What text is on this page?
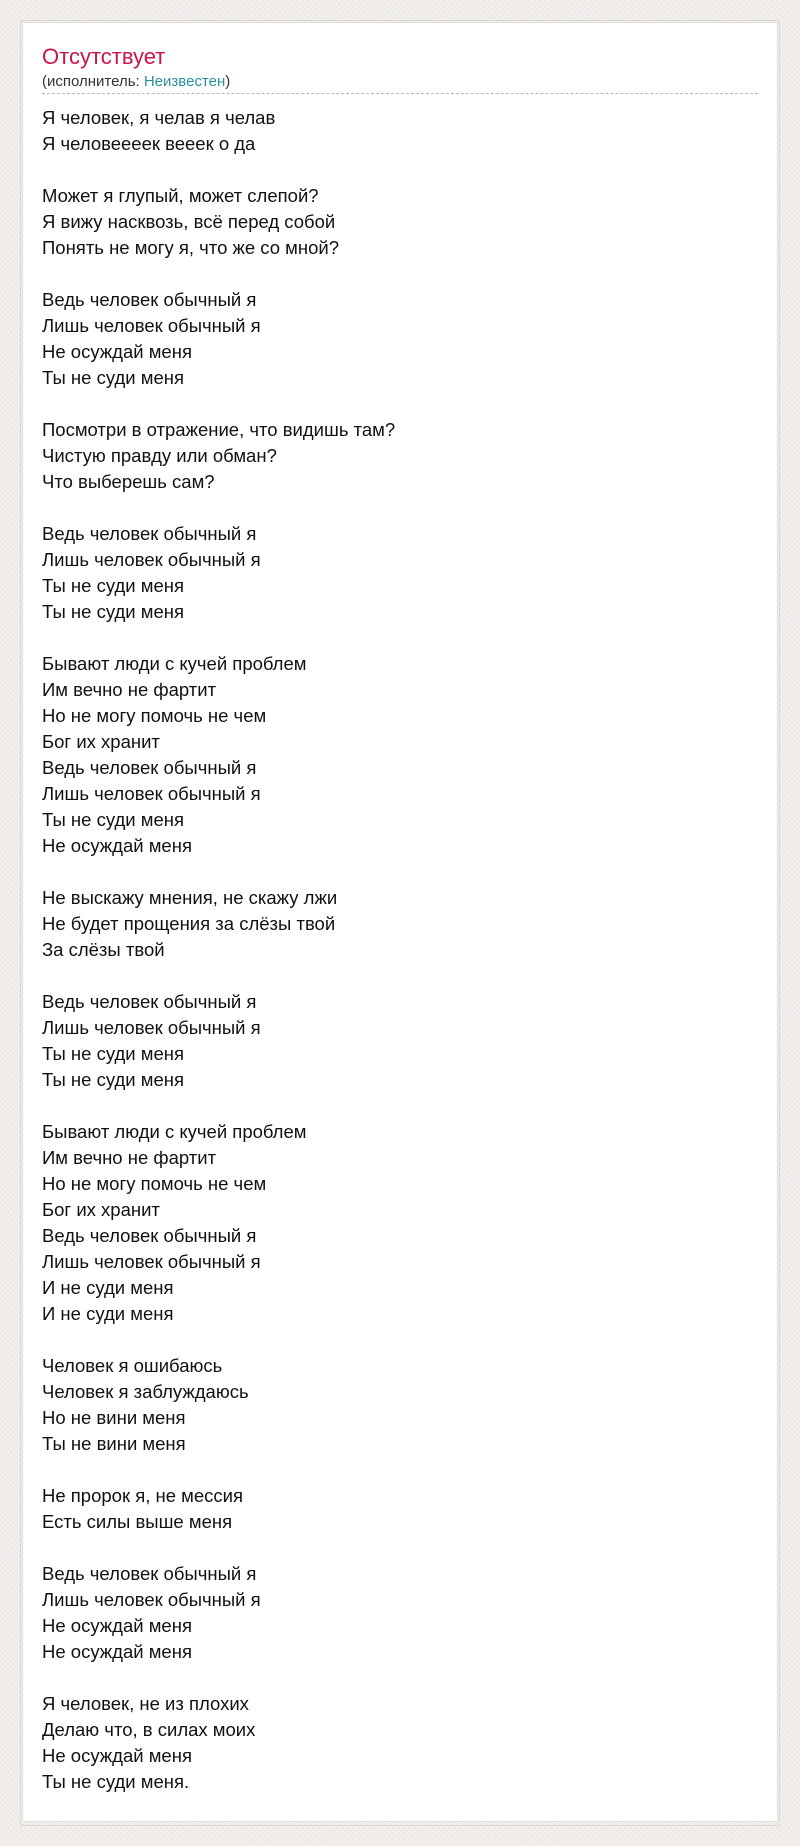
Отсутствует
(исполнитель: Неизвестен)
Я человек, я челав я челав
Я человеееек вееек о да
Может я глупый, может слепой?
Я вижу насквозь, всё перед собой
Понять не могу я, что же со мной?
Ведь человек обычный я
Лишь человек обычный я
Не осуждай меня
Ты не суди меня
Посмотри в отражение, что видишь там?
Чистую правду или обман?
Что выберешь сам?
Ведь человек обычный я
Лишь человек обычный я
Ты не суди меня
Ты не суди меня
Бывают люди с кучей проблем
Им вечно не фартит
Но не могу помочь не чем
Бог их хранит
Ведь человек обычный я
Лишь человек обычный я
Ты не суди меня
Не осуждай меня
Не выскажу мнения, не скажу лжи
Не будет прощения за слёзы твой
За слёзы твой
Ведь человек обычный я
Лишь человек обычный я
Ты не суди меня
Ты не суди меня
Бывают люди с кучей проблем
Им вечно не фартит
Но не могу помочь не чем
Бог их хранит
Ведь человек обычный я
Лишь человек обычный я
И не суди меня
И не суди меня
Человек я ошибаюсь
Человек я заблуждаюсь
Но не вини меня
Ты не вини меня
Не пророк я, не мессия
Есть силы выше меня
Ведь человек обычный я
Лишь человек обычный я
Не осуждай меня
Не осуждай меня
Я человек, не из плохих
Делаю что, в силах моих
Не осуждай меня
Ты не суди меня.
